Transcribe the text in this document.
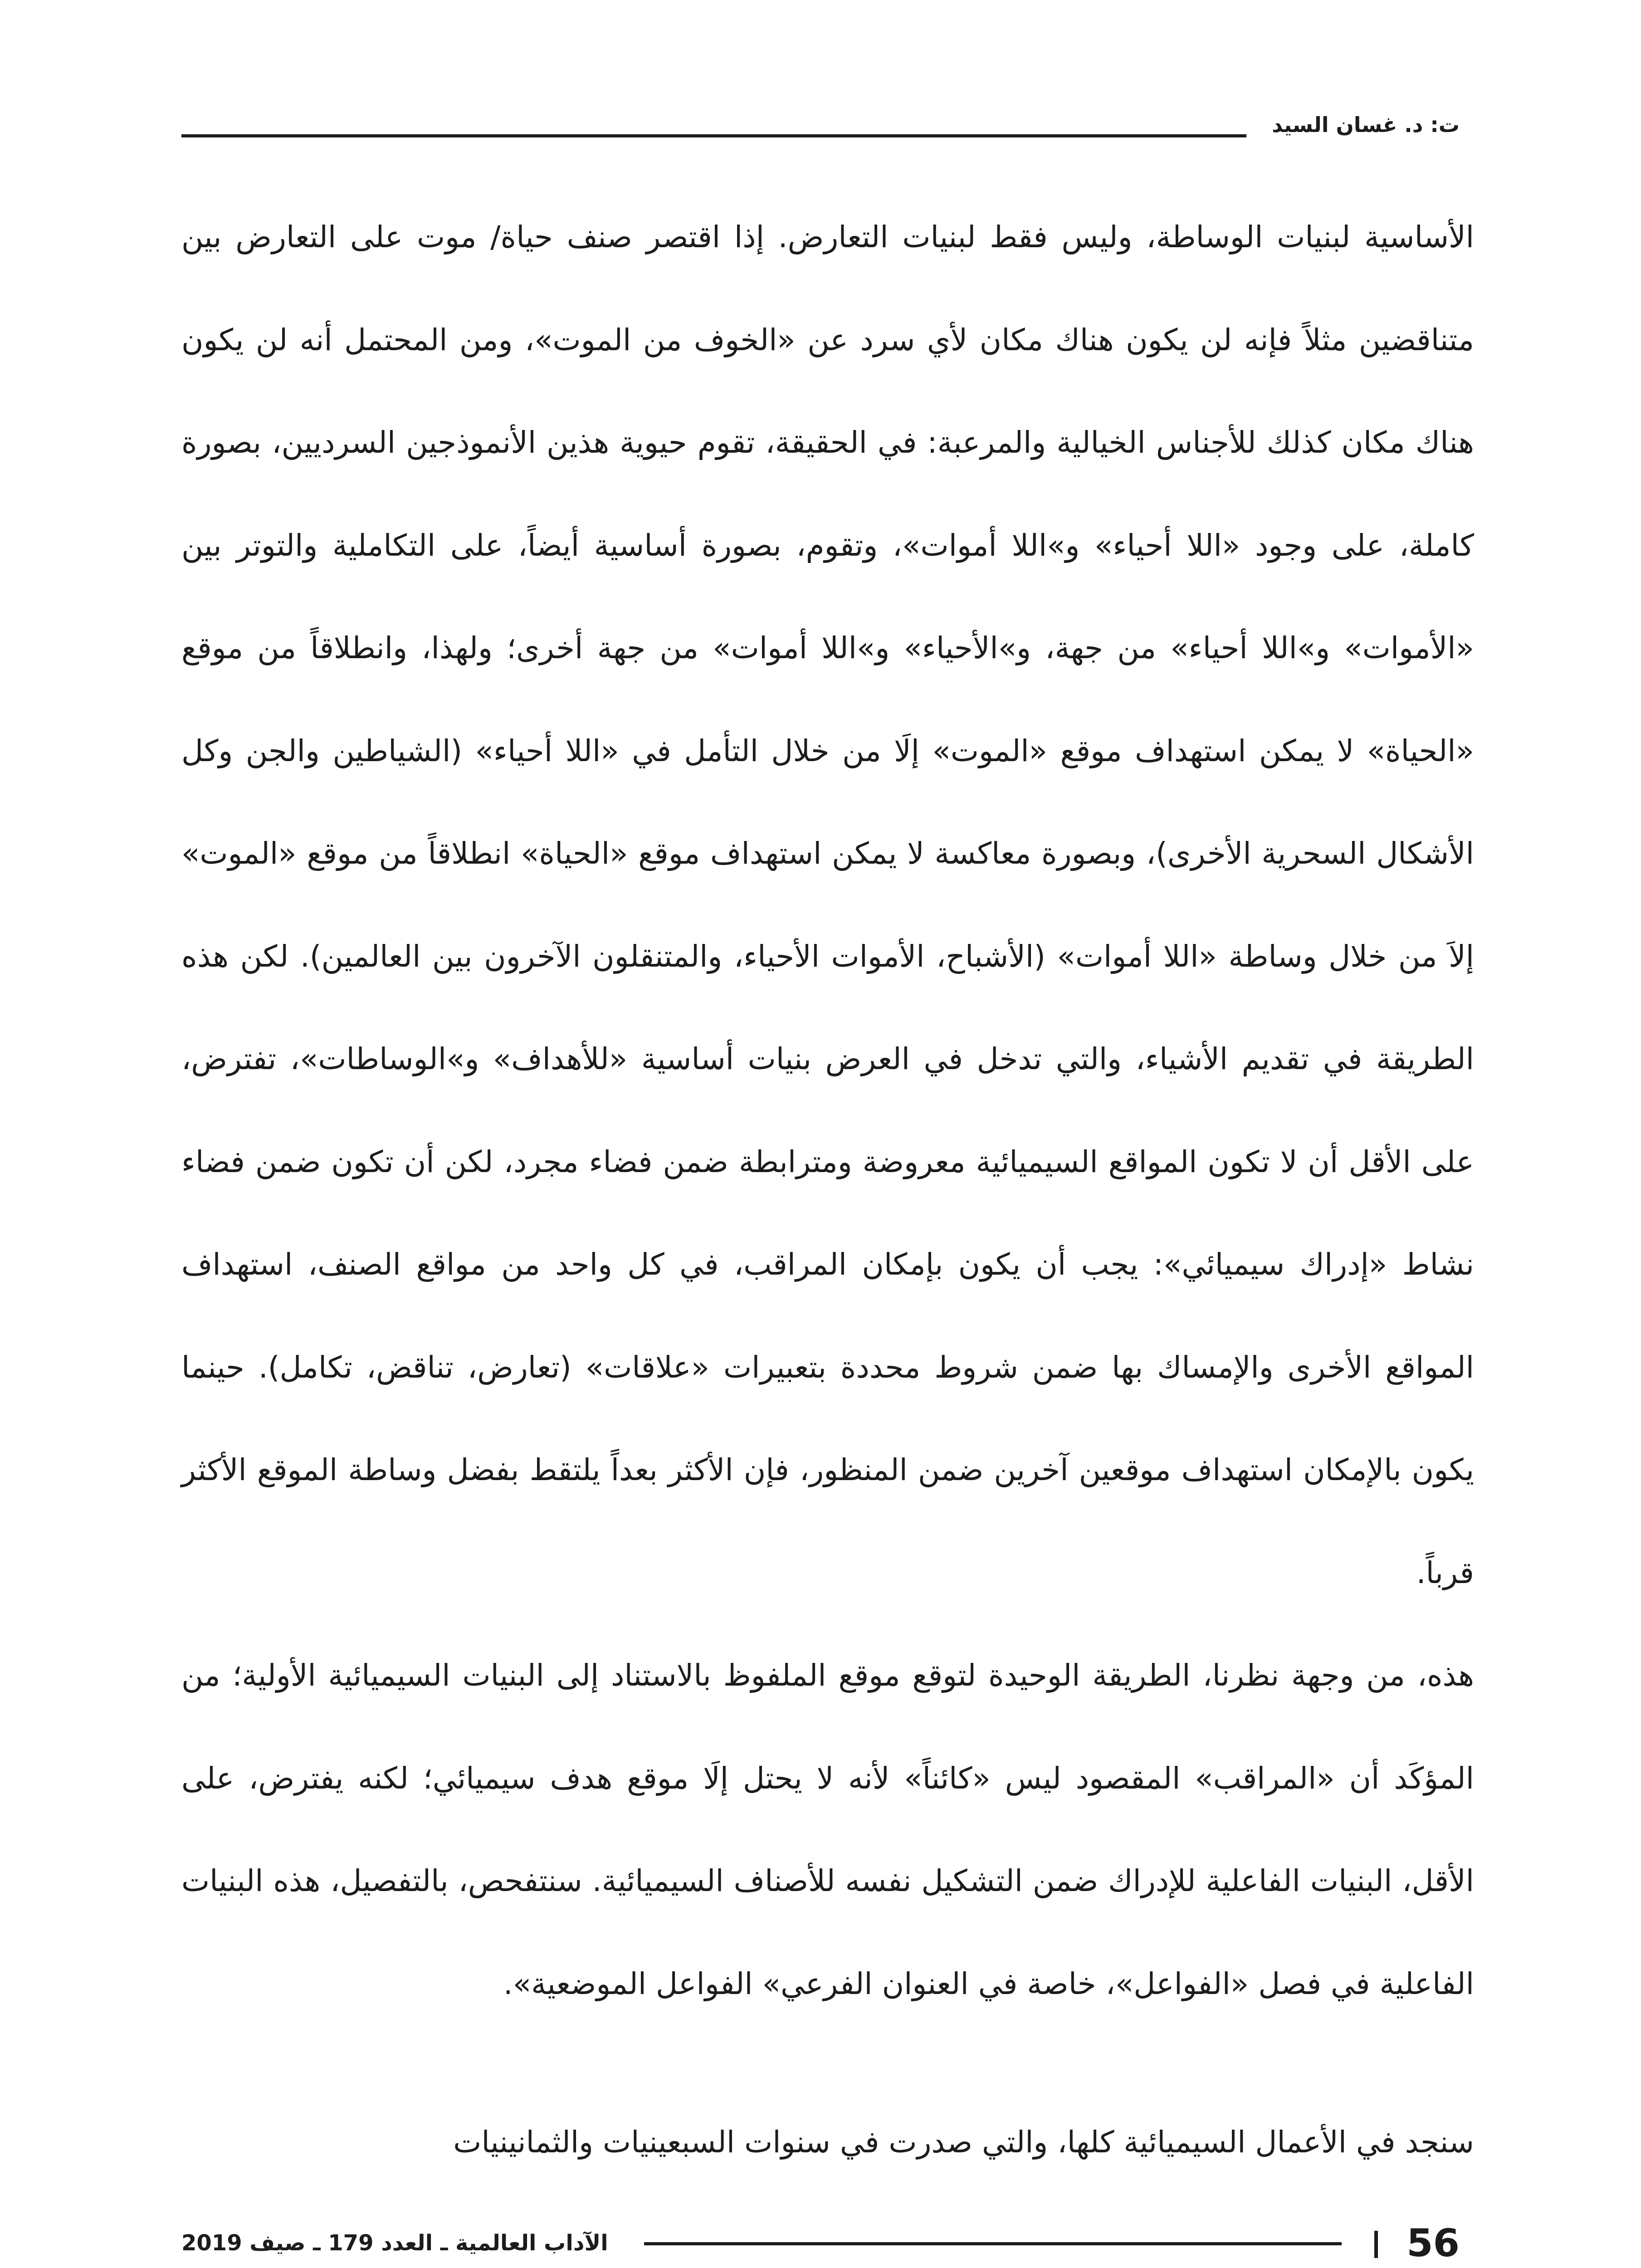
ت: د. غسان السيد

الأساسية لبنيات الوساطة، وليس فقط لبنيات التعارض. إذا اقتصر صنف حياة/ موت على التعارض بين متناقضين مثلاً فإنه لن يكون هناك مكان لأي سرد عن «الخوف من الموت»، ومن المحتمل أنه لن يكون هناك مكان كذلك للأجناس الخيالية والمرعبة: في الحقيقة، تقوم حيوية هذين الأنموذجين السرديين، بصورة كاملة، على وجود «اللا أحياء» و»اللا أموات»، وتقوم، بصورة أساسية أيضاً، على التكاملية والتوتر بين «الأموات» و»اللا أحياء» من جهة، و»الأحياء» و»اللا أموات» من جهة أخرى؛ ولهذا، وانطلاقاً من موقع «الحياة» لا يمكن استهداف موقع «الموت» إلَا من خلال التأمل في «اللا أحياء» (الشياطين والجن وكل الأشكال السحرية الأخرى)، وبصورة معاكسة لا يمكن استهداف موقع «الحياة» انطلاقاً من موقع «الموت» إلاَ من خلال وساطة «اللا أموات» (الأشباح، الأموات الأحياء، والمتنقلون الآخرون بين العالمين). لكن هذه الطريقة في تقديم الأشياء، والتي تدخل في العرض بنيات أساسية «للأهداف» و»الوساطات»، تفترض، على الأقل أن لا تكون المواقع السيميائية معروضة ومترابطة ضمن فضاء مجرد، لكن أن تكون ضمن فضاء نشاط «إدراك سيميائي»: يجب أن يكون بإمكان المراقب، في كل واحد من مواقع الصنف، استهداف المواقع الأخرى والإمساك بها ضمن شروط محددة بتعبيرات «علاقات» (تعارض، تناقض، تكامل). حينما يكون بالإمكان استهداف موقعين آخرين ضمن المنظور، فإن الأكثر بعداً يلتقط بفضل وساطة الموقع الأكثر قرباً.

هذه، من وجهة نظرنا، الطريقة الوحيدة لتوقع موقع الملفوظ بالاستناد إلى البنيات السيميائية الأولية؛ من المؤكَد أن «المراقب» المقصود ليس «كائناً» لأنه لا يحتل إلَا موقع هدف سيميائي؛ لكنه يفترض، على الأقل، البنيات الفاعلية للإدراك ضمن التشكيل نفسه للأصناف السيميائية. سنتفحص، بالتفصيل، هذه البنيات الفاعلية في فصل «الفواعل»، خاصة في العنوان الفرعي» الفواعل الموضعية».

سنجد في الأعمال السيميائية كلها، والتي صدرت في سنوات السبعينيات والثمانينيات

الآداب العالمية ـ العدد 179 ـ صيف 2019	56
